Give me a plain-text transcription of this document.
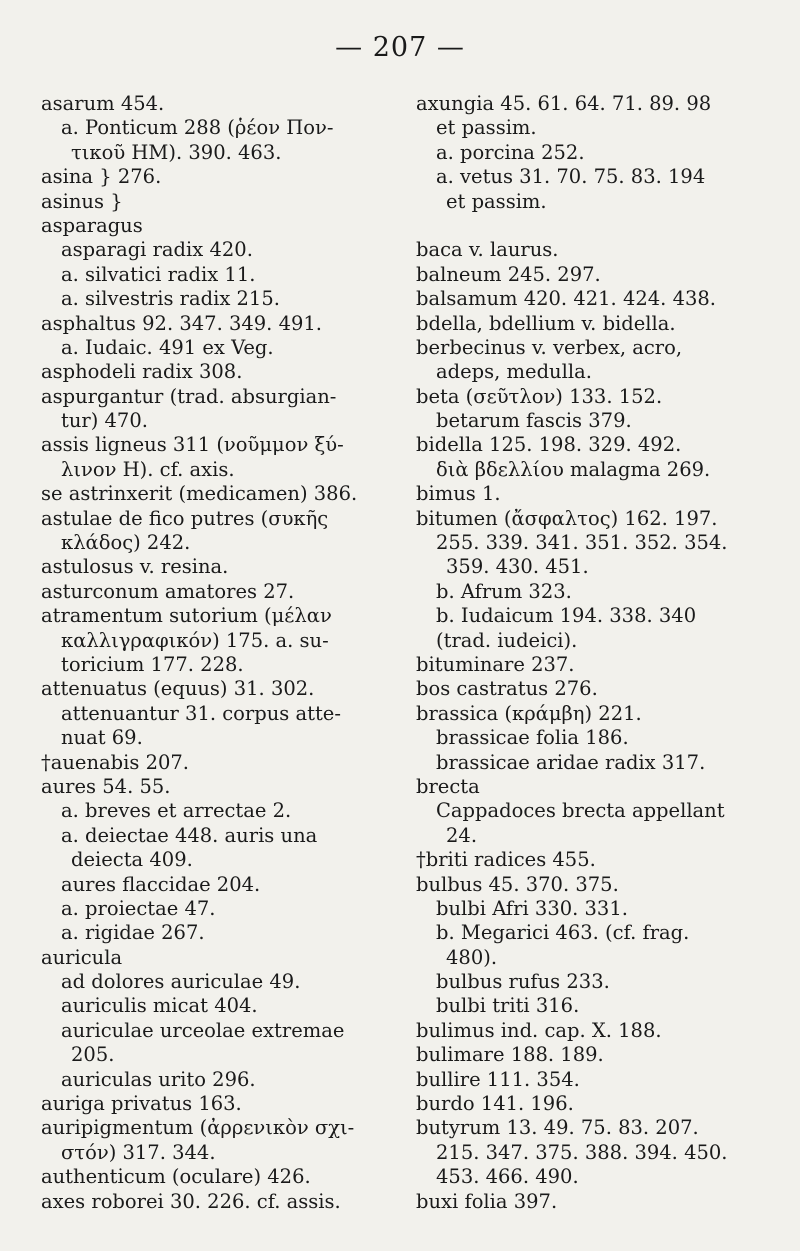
— 207 —
asarum 454.
a. Ponticum 288 (ῥέον Πον-
τικοῦ HM). 390. 463.
asina } 276.
asinus }
asparagus
asparagi radix 420.
a. silvatici radix 11.
a. silvestris radix 215.
asphaltus 92. 347. 349. 491.
a. Iudaic. 491 ex Veg.
asphodeli radix 308.
aspurgantur (trad. absurgian-
tur) 470.
assis ligneus 311 (νοῦμμον ξύ-
λινον H). cf. axis.
se astrinxerit (medicamen) 386.
astulae de fico putres (συκῆς
κλάδος) 242.
astulosus v. resina.
asturconum amatores 27.
atramentum sutorium (μέλαν
καλλιγραφικόν) 175. a. su-
toricium 177. 228.
attenuatus (equus) 31. 302.
attenuantur 31. corpus atte-
nuat 69.
†auenabis 207.
aures 54. 55.
a. breves et arrectae 2.
a. deiectae 448. auris una
deiecta 409.
aures flaccidae 204.
a. proiectae 47.
a. rigidae 267.
auricula
ad dolores auriculae 49.
auriculis micat 404.
auriculae urceolae extremae
205.
auriculas urito 296.
auriga privatus 163.
auripigmentum (ἀρρενικὸν σχι-
στόν) 317. 344.
authenticum (oculare) 426.
axes roborei 30. 226. cf. assis.
axungia 45. 61. 64. 71. 89. 98
et passim.
a. porcina 252.
a. vetus 31. 70. 75. 83. 194
et passim.
baca v. laurus.
balneum 245. 297.
balsamum 420. 421. 424. 438.
bdella, bdellium v. bidella.
berbecinus v. verbex, acro,
adeps, medulla.
beta (σεῦτλον) 133. 152.
betarum fascis 379.
bidella 125. 198. 329. 492.
διὰ βδελλίου malagma 269.
bimus 1.
bitumen (ἄσφαλτος) 162. 197.
255. 339. 341. 351. 352. 354.
359. 430. 451.
b. Afrum 323.
b. Iudaicum 194. 338. 340
(trad. iudeici).
bituminare 237.
bos castratus 276.
brassica (κράμβη) 221.
brassicae folia 186.
brassicae aridae radix 317.
brecta
Cappadoces brecta appellant
24.
†briti radices 455.
bulbus 45. 370. 375.
bulbi Afri 330. 331.
b. Megarici 463. (cf. frag.
480).
bulbus rufus 233.
bulbi triti 316.
bulimus ind. cap. X. 188.
bulimare 188. 189.
bullire 111. 354.
burdo 141. 196.
butyrum 13. 49. 75. 83. 207.
215. 347. 375. 388. 394. 450.
453. 466. 490.
buxi folia 397.
